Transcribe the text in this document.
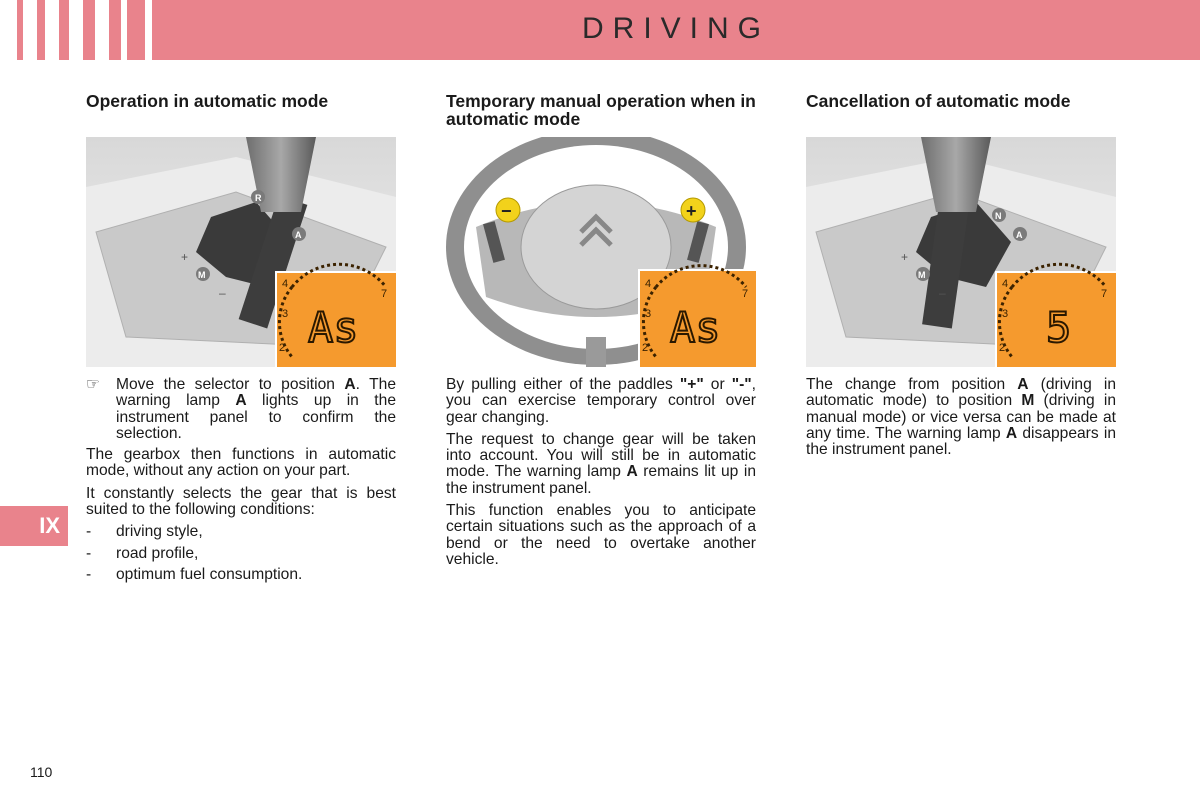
DRIVING
IX
Operation in automatic mode
R
A
M
+
–
4
3
2
7
As
☞	Move the selector to position A. The warning lamp A lights up in the instrument panel to confirm the selection.

The gearbox then functions in automatic mode, without any action on your part.

It constantly selects the gear that is best suited to the following conditions:

-	driving style,
-	road profile,
-	optimum fuel consumption.
Temporary manual operation when in automatic mode
−	+
4
3
2
7
As

By pulling either of the paddles "+" or "-", you can exercise temporary control over gear changing.

The request to change gear will be taken into account. You will still be in automatic mode. The warning lamp A remains lit up in the instrument panel.

This function enables you to anticipate certain situations such as the approach of a bend or the need to overtake another vehicle.

Cancellation of automatic mode
N
A
M
+
–
4
3
2
7
5

The change from position A (driving in automatic mode) to position M (driving in manual mode) or vice versa can be made at any time. The warning lamp A disappears in the instrument panel.

110
